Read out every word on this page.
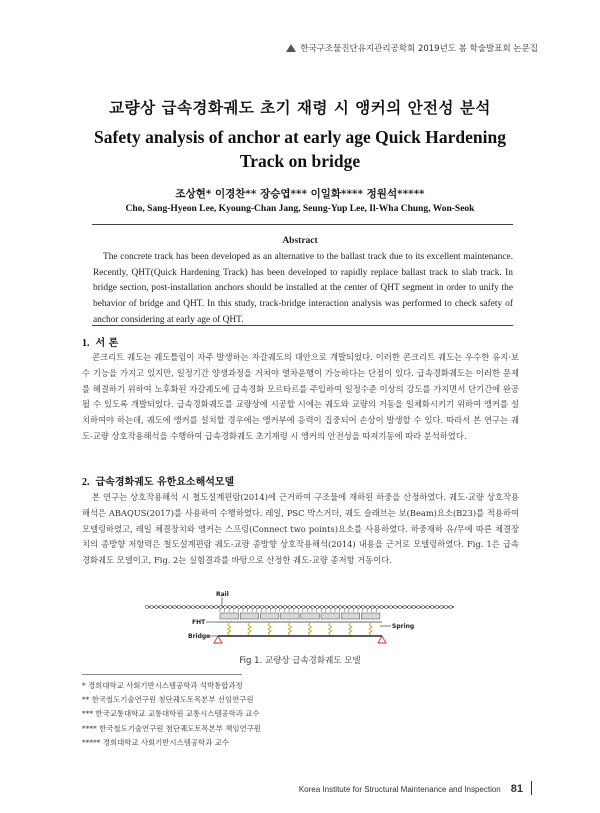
한국구조물진단유지관리공학회 2019년도 봄 학술발표회 논문집
교량상 급속경화궤도 초기 재령 시 앵커의 안전성 분석
Safety analysis of anchor at early age Quick Hardening Track on bridge
조상현* 이경찬** 장승엽*** 이일화**** 정원석*****
Cho, Sang-Hyeon Lee, Kyoung-Chan Jang, Seung-Yup Lee, Il-Wha Chung, Won-Seok
Abstract
The concrete track has been developed as an alternative to the ballast track due to its excellent maintenance. Recently, QHT(Quick Hardening Track) has been developed to rapidly replace ballast track to slab track. In bridge section, post-installation anchors should be installed at the center of QHT segment in order to unify the behavior of bridge and QHT. In this study, track-bridge interaction analysis was performed to check safety of anchor considering at early age of QHT.
1. 서 론
콘크리트 궤도는 궤도틀림이 자주 발생하는 자갈궤도의 대안으로 개발되었다. 이러한 콘크리트 궤도는 우수한 유지·보수 기능을 가지고 있지만, 일정기간 양생과정을 거쳐야 열차운행이 가능하다는 단점이 있다. 급속경화궤도는 이러한 문제를 해결하기 위하여 노후화된 자갈궤도에 급속경화 모르타르를 주입하여 일정수준 이상의 강도를 가지면서 단기간에 완공될 수 있도록 개발되었다. 급속경화궤도를 교량상에 시공할 시에는 궤도와 교량의 거동을 일체화시키기 위하여 앵커를 설치하여야 하는데, 궤도에 앵커를 설치할 경우에는 앵커부에 응력이 집중되어 손상이 발생할 수 있다. 따라서 본 연구는 궤도-교량 상호작용해석을 수행하여 급속경화궤도 초기재령 시 앵커의 안전성을 따져기동에 따라 분석하였다.
2. 급속경화궤도 유한요소해석모델
본 연구는 상호작용해석 시 철도설계편람(2014)에 근거하여 구조물에 재하된 하중을 산정하였다. 궤도-교량 상호작용해석은 ABAQUS(2017)를 사용하여 수행하였다. 레일, PSC 박스거더, 궤도 슬래브는 보(Beam)요소(B23)를 적용하여 모델링하였고, 레일 체결장치와 앵커는 스프링(Connect two points)요소를 사용하였다. 하중재하 유/무에 따른 체결장치의 종방향 저항력은 철도설계편람 궤도-교량 종방향 상호작용해석(2014) 내용을 근거로 모델링하였다. Fig. 1은 급속경화궤도 모델이고, Fig. 2는 실험결과를 바탕으로 산정한 궤도-교량 종저항 거동이다.
Rail
FHT
Spring
Bridge
Fig 1. 교량상 급속경화궤도 모델
* 경희대학교 사회기반시스템공학과 석박통합과정
** 한국철도기술연구원 첨단궤도토목본부 선임연구원
*** 한국교통대학교 교통대학원 교통시스템공학과 교수
**** 한국철도기술연구원 첨단궤도토목본부 책임연구원
***** 경희대학교 사회기반시스템공학과 교수
Korea Institute for Structural Maintenance and Inspection 81
